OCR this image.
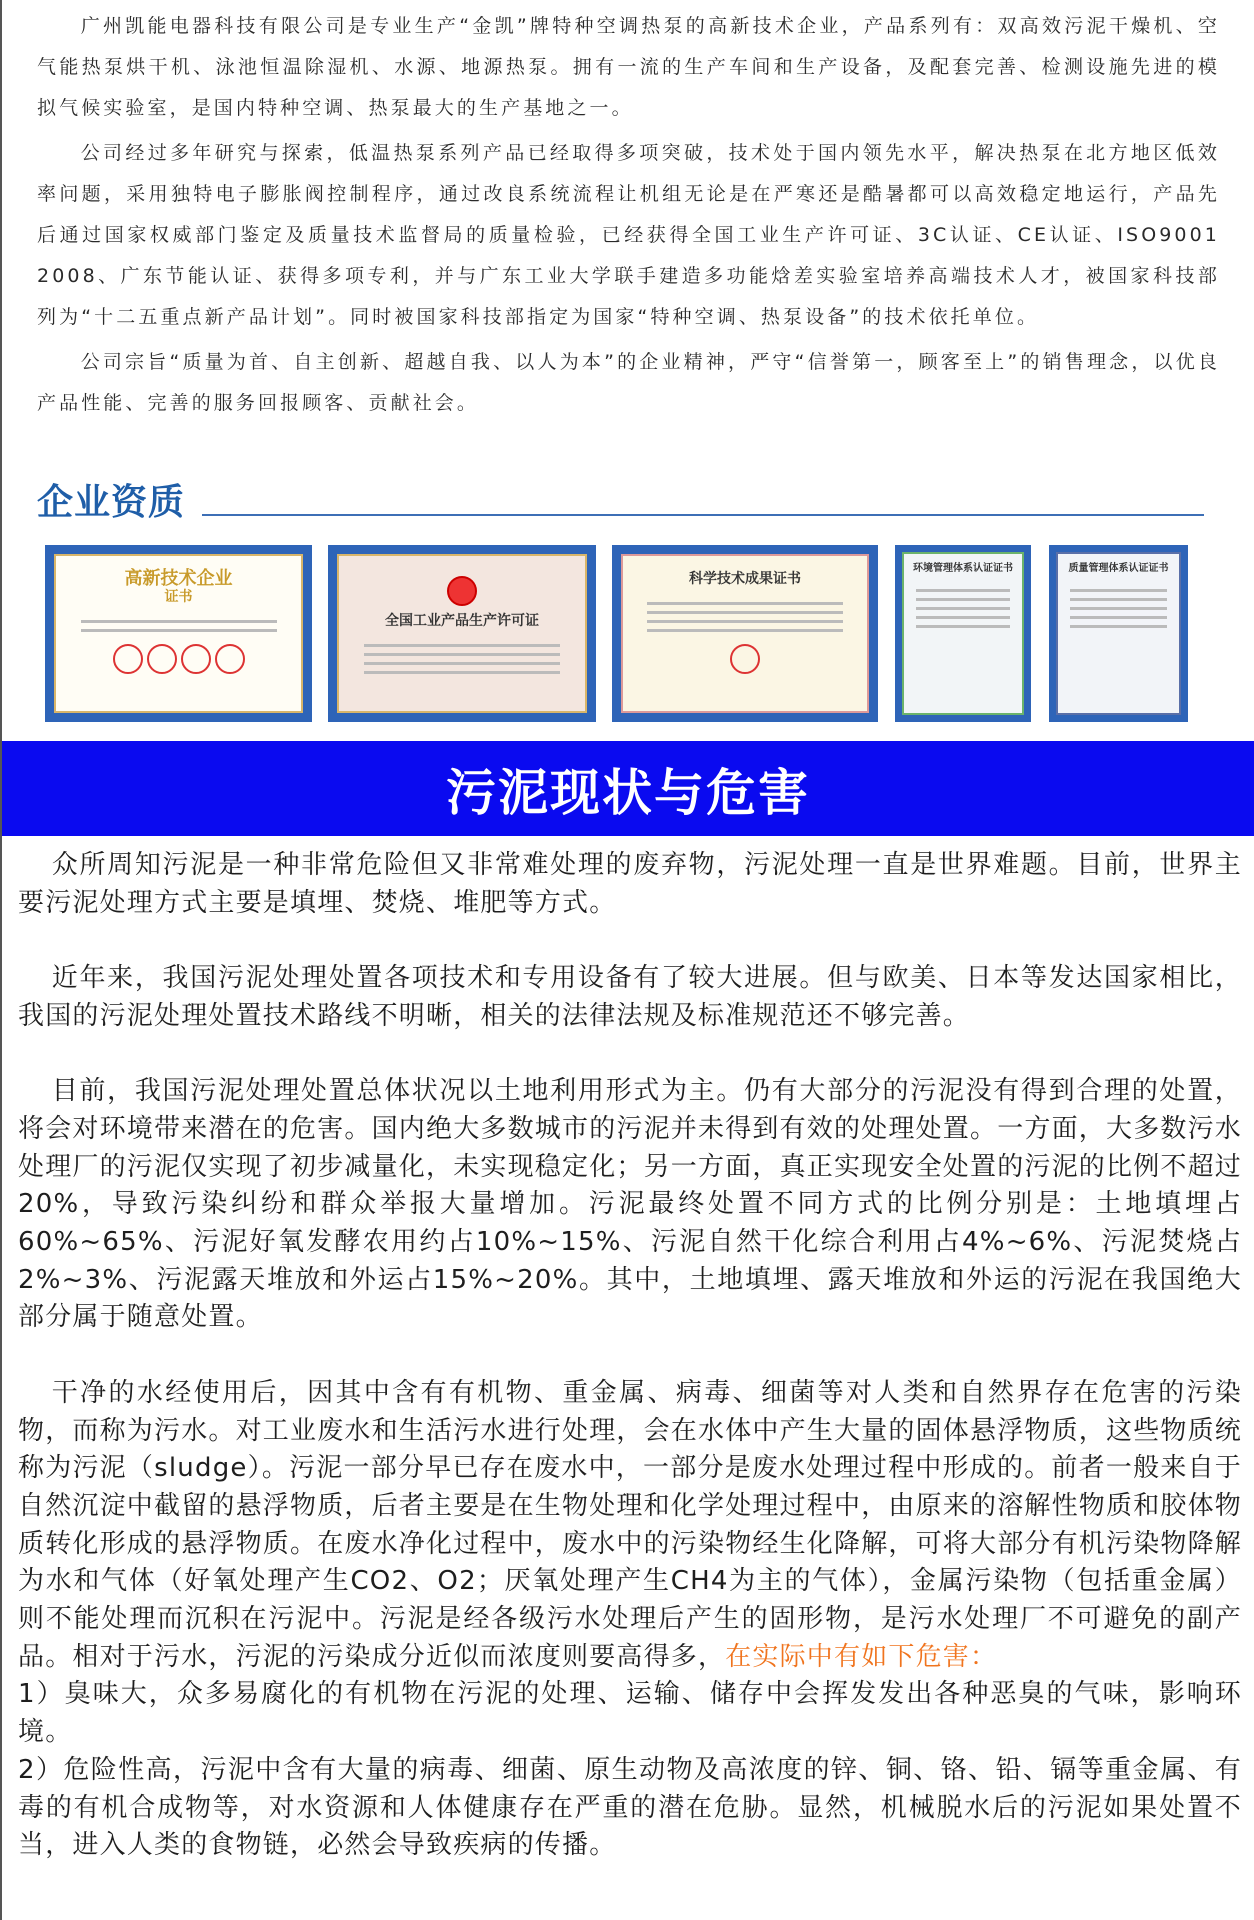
广州凯能电器科技有限公司是专业生产“金凯”牌特种空调热泵的高新技术企业，产品系列有：双高效污泥干燥机、空气能热泵烘干机、泳池恒温除湿机、水源、地源热泵。拥有一流的生产车间和生产设备，及配套完善、检测设施先进的模拟气候实验室，是国内特种空调、热泵最大的生产基地之一。

公司经过多年研究与探索，低温热泵系列产品已经取得多项突破，技术处于国内领先水平，解决热泵在北方地区低效率问题，采用独特电子膨胀阀控制程序，通过改良系统流程让机组无论是在严寒还是酷暑都可以高效稳定地运行，产品先后通过国家权威部门鉴定及质量技术监督局的质量检验，已经获得全国工业生产许可证、3C认证、CE认证、ISO9001　2008、广东节能认证、获得多项专利，并与广东工业大学联手建造多功能焓差实验室培养高端技术人才，被国家科技部列为“十二五重点新产品计划”。同时被国家科技部指定为国家“特种空调、热泵设备”的技术依托单位。

公司宗旨“质量为首、自主创新、超越自我、以人为本”的企业精神，严守“信誉第一，顾客至上”的销售理念，以优良产品性能、完善的服务回报顾客、贡献社会。

企业资质
高新技术企业
证书
全国工业产品生产许可证
科学技术成果证书
环境管理体系认证证书	质量管理体系认证证书
污泥现状与危害

众所周知污泥是一种非常危险但又非常难处理的废弃物，污泥处理一直是世界难题。目前，世界主要污泥处理方式主要是填埋、焚烧、堆肥等方式。

近年来，我国污泥处理处置各项技术和专用设备有了较大进展。但与欧美、日本等发达国家相比，我国的污泥处理处置技术路线不明晰，相关的法律法规及标准规范还不够完善。

目前，我国污泥处理处置总体状况以土地利用形式为主。仍有大部分的污泥没有得到合理的处置，将会对环境带来潜在的危害。国内绝大多数城市的污泥并未得到有效的处理处置。一方面，大多数污水处理厂的污泥仅实现了初步减量化，未实现稳定化；另一方面，真正实现安全处置的污泥的比例不超过20%，导致污染纠纷和群众举报大量增加。污泥最终处置不同方式的比例分别是：土地填埋占60%~65%、污泥好氧发酵农用约占10%~15%、污泥自然干化综合利用占4%~6%、污泥焚烧占2%~3%、污泥露天堆放和外运占15%~20%。其中，土地填埋、露天堆放和外运的污泥在我国绝大部分属于随意处置。

干净的水经使用后，因其中含有有机物、重金属、病毒、细菌等对人类和自然界存在危害的污染物，而称为污水。对工业废水和生活污水进行处理，会在水体中产生大量的固体悬浮物质，这些物质统称为污泥（sludge）。污泥一部分早已存在废水中，一部分是废水处理过程中形成的。前者一般来自于自然沉淀中截留的悬浮物质，后者主要是在生物处理和化学处理过程中，由原来的溶解性物质和胶体物质转化形成的悬浮物质。在废水净化过程中，废水中的污染物经生化降解，可将大部分有机污染物降解为水和气体（好氧处理产生CO2、O2；厌氧处理产生CH4为主的气体），金属污染物（包括重金属）则不能处理而沉积在污泥中。污泥是经各级污水处理后产生的固形物，是污水处理厂不可避免的副产品。相对于污水，污泥的污染成分近似而浓度则要高得多，在实际中有如下危害：

1）臭味大，众多易腐化的有机物在污泥的处理、运输、储存中会挥发发出各种恶臭的气味，影响环境。

2）危险性高，污泥中含有大量的病毒、细菌、原生动物及高浓度的锌、铜、铬、铅、镉等重金属、有毒的有机合成物等，对水资源和人体健康存在严重的潜在危胁。显然，机械脱水后的污泥如果处置不当，进入人类的食物链，必然会导致疾病的传播。
